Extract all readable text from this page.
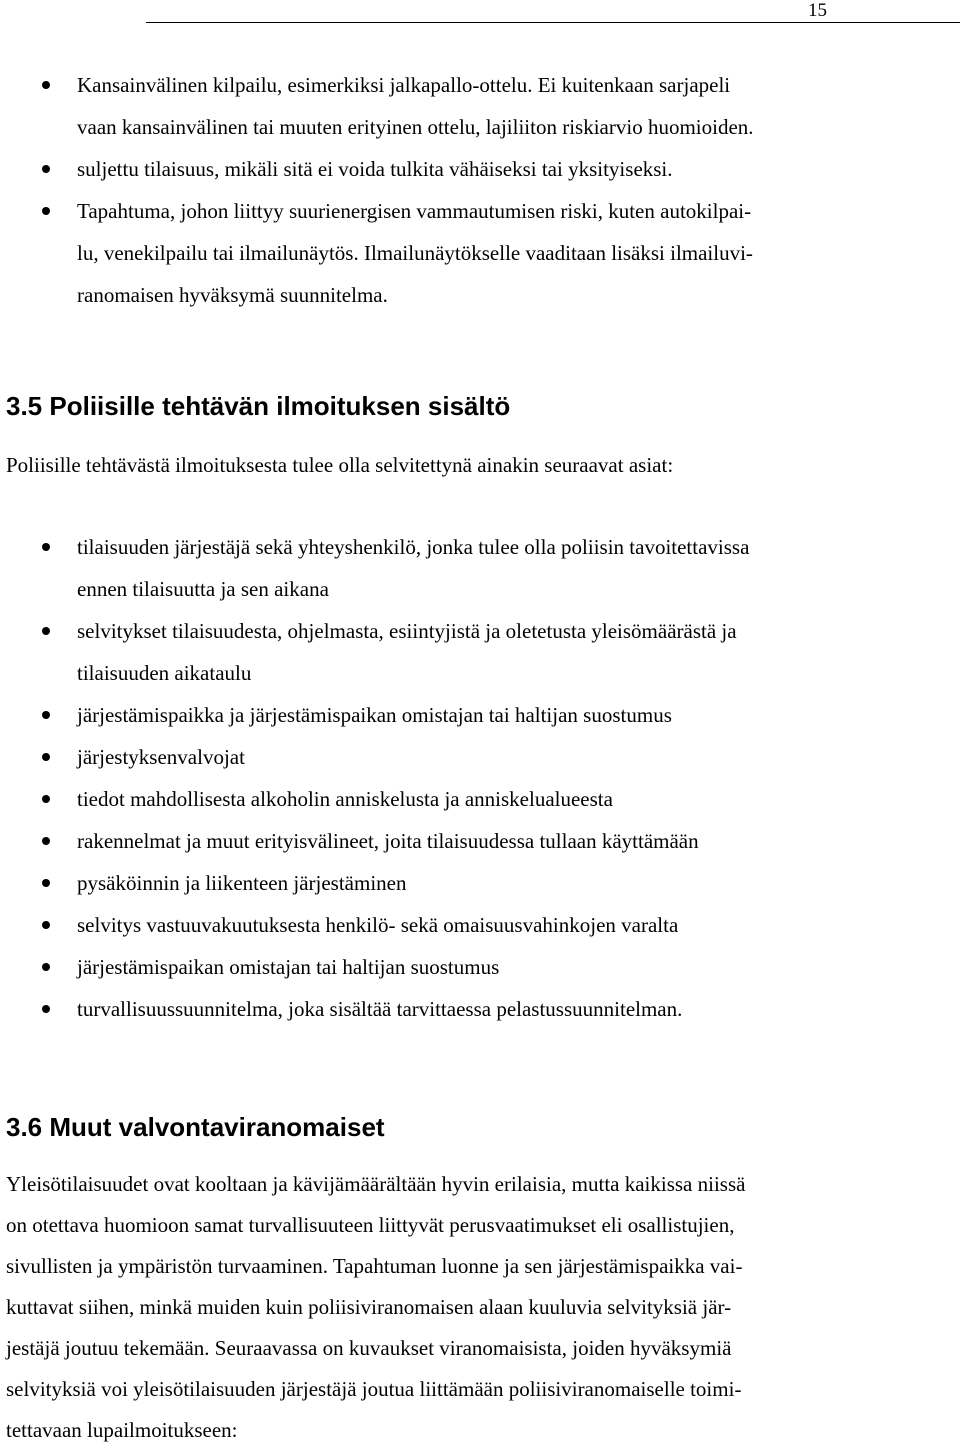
15
Kansainvälinen kilpailu, esimerkiksi jalkapallo-ottelu. Ei kuitenkaan sarjapeli
vaan kansainvälinen tai muuten erityinen ottelu, lajiliiton riskiarvio huomioiden.
suljettu tilaisuus, mikäli sitä ei voida tulkita vähäiseksi tai yksityiseksi.
Tapahtuma, johon liittyy suurienergisen vammautumisen riski, kuten autokilpai-
lu, venekilpailu tai ilmailunäytös. Ilmailunäytökselle vaaditaan lisäksi ilmailuvi-
ranomaisen hyväksymä suunnitelma.
3.5 Poliisille tehtävän ilmoituksen sisältö

Poliisille tehtävästä ilmoituksesta tulee olla selvitettynä ainakin seuraavat asiat:

tilaisuuden järjestäjä sekä yhteyshenkilö, jonka tulee olla poliisin tavoitettavissa
ennen tilaisuutta ja sen aikana
selvitykset tilaisuudesta, ohjelmasta, esiintyjistä ja oletetusta yleisömäärästä ja
tilaisuuden aikataulu
järjestämispaikka ja järjestämispaikan omistajan tai haltijan suostumus
järjestyksenvalvojat
tiedot mahdollisesta alkoholin anniskelusta ja anniskelualueesta
rakennelmat ja muut erityisvälineet, joita tilaisuudessa tullaan käyttämään
pysäköinnin ja liikenteen järjestäminen
selvitys vastuuvakuutuksesta henkilö- sekä omaisuusvahinkojen varalta
järjestämispaikan omistajan tai haltijan suostumus
turvallisuussuunnitelma, joka sisältää tarvittaessa pelastussuunnitelman.
3.6 Muut valvontaviranomaiset

Yleisötilaisuudet ovat kooltaan ja kävijämäärältään hyvin erilaisia, mutta kaikissa niissä
on otettava huomioon samat turvallisuuteen liittyvät perusvaatimukset eli osallistujien,
sivullisten ja ympäristön turvaaminen. Tapahtuman luonne ja sen järjestämispaikka vai-
kuttavat siihen, minkä muiden kuin poliisiviranomaisen alaan kuuluvia selvityksiä jär-
jestäjä joutuu tekemään. Seuraavassa on kuvaukset viranomaisista, joiden hyväksymiä
selvityksiä voi yleisötilaisuuden järjestäjä joutua liittämään poliisiviranomaiselle toimi-
tettavaan lupailmoitukseen:
